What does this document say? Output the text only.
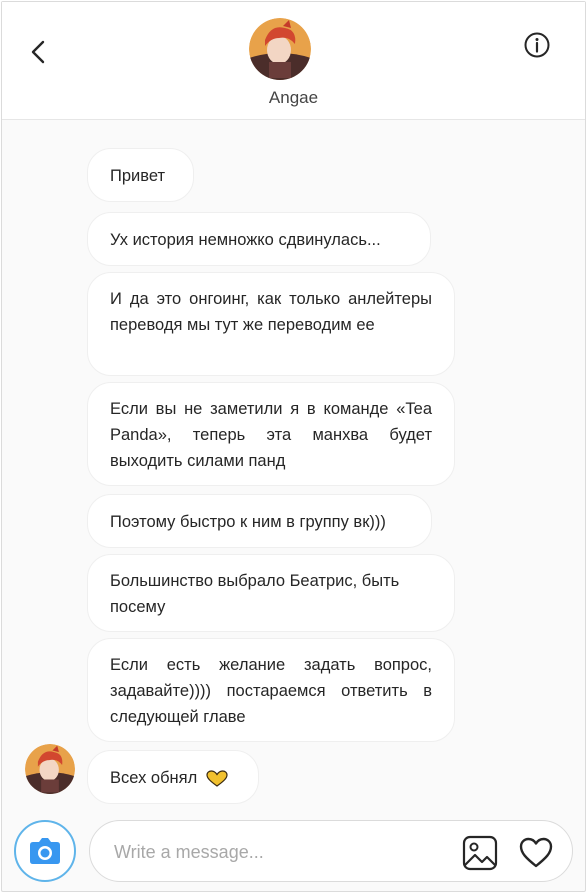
Angae
Привет
Ух история немножко сдвинулась...
И да это онгоинг, как только анлейтеры переводя мы тут же переводим ее
Если вы не заметили я в команде «Tea Panda», теперь эта манхва будет выходить силами панд
Поэтому быстро к ним в группу вк)))
Большинство выбрало Беатрис, быть посему
Если есть желание задать вопрос, задавайте)))) постараемся ответить в следующей главе
Всех обнял
Write a message...
